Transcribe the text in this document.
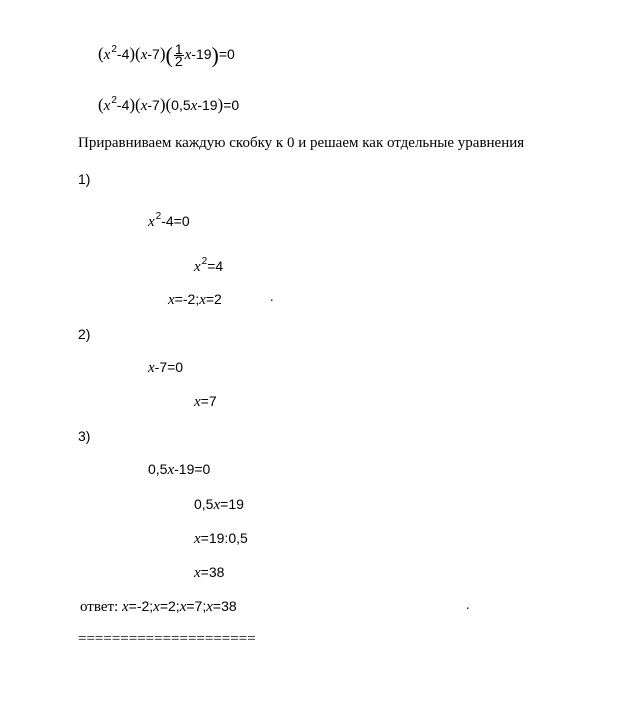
$(x^2-4)(x-7)( \frac{1}{2} x-19)=0$
$(x^2-4)(x-7)(0,5x-19)=0$
Приравниваем каждую скобку к 0 и решаем как отдельные уравнения
1)
$x^2-4=0$
$x^2=4$
x=-2;x=2	.
2)
x-7=0
x=7
3)
0,5x-19=0
0,5x=19
x=19:0,5
x=38
ответ: x=-2;x=2;x=7;x=38	.
=====================
